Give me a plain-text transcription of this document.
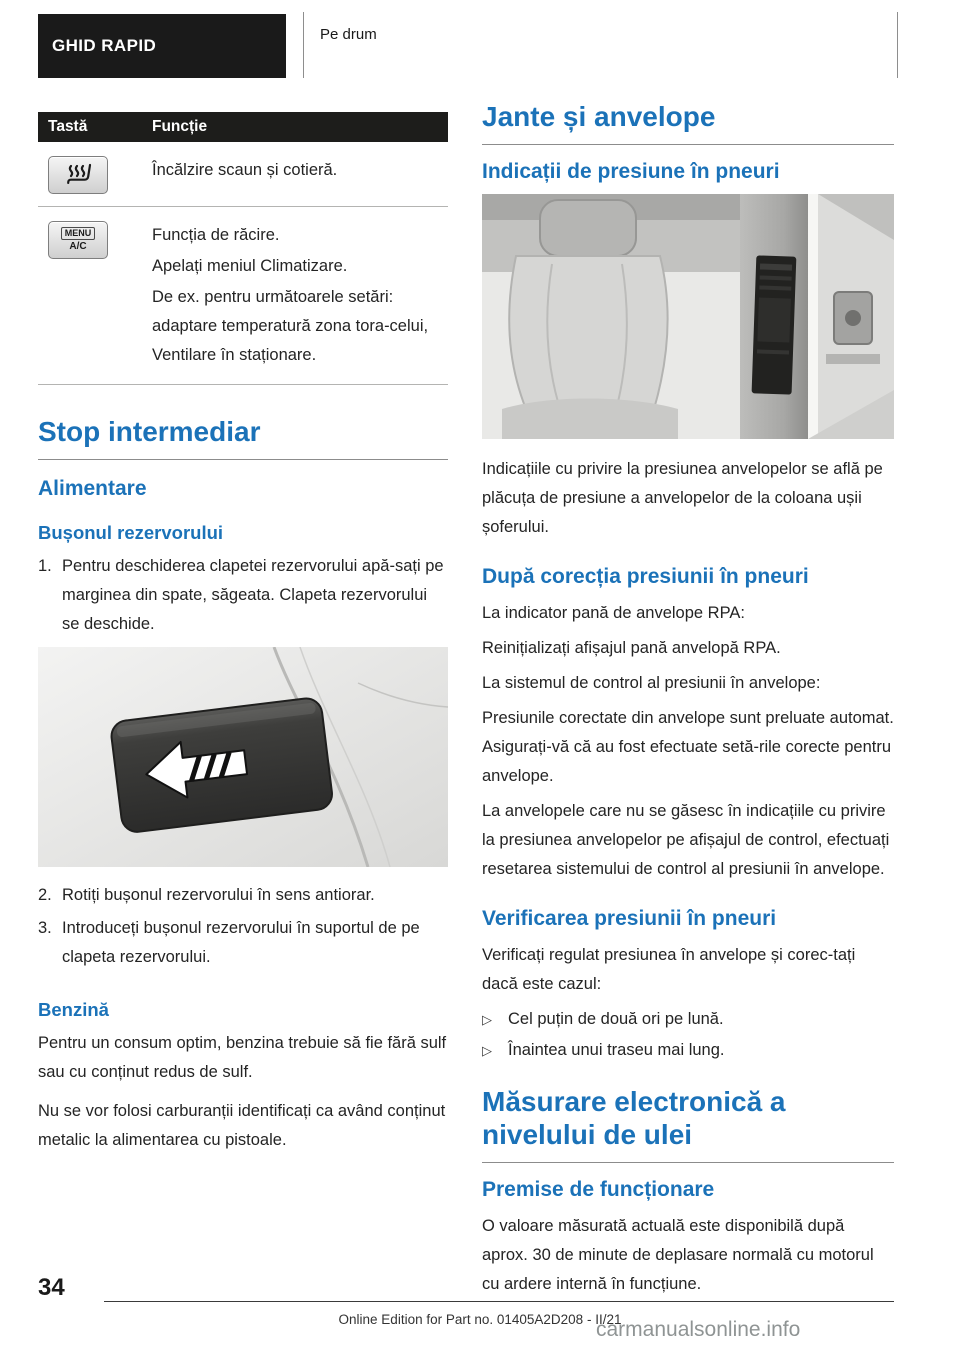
GHID RAPID
Pe drum
Tastă	Funcție

Încălzire scaun și cotieră.

MENU
A/C

Funcția de răcire.

Apelați meniul Climatizare.

De ex. pentru următoarele setări: adaptare temperatură zona tora-celui, Ventilare în staționare.

Stop intermediar
Alimentare
Bușonul rezervorului
1. Pentru deschiderea clapetei rezervorului apă-sați pe marginea din spate, săgeata. Clapeta rezervorului se deschide.
2. Rotiți bușonul rezervorului în sens antiorar.
3. Introduceți bușonul rezervorului în suportul de pe clapeta rezervorului.
Benzină

Pentru un consum optim, benzina trebuie să fie fără sulf sau cu conținut redus de sulf.

Nu se vor folosi carburanții identificați ca având conținut metalic la alimentarea cu pistoale.

Jante și anvelope
Indicații de presiune în pneuri

Indicațiile cu privire la presiunea anvelopelor se află pe plăcuța de presiune a anvelopelor de la coloana ușii șoferului.

După corecția presiunii în pneuri

La indicator pană de anvelope RPA:

Reinițializați afișajul pană anvelopă RPA.

La sistemul de control al presiunii în anvelope:

Presiunile corectate din anvelope sunt preluate automat. Asigurați-vă că au fost efectuate setă-rile corecte pentru anvelope.

La anvelopele care nu se găsesc în indicațiile cu privire la presiunea anvelopelor pe afișajul de control, efectuați resetarea sistemului de control al presiunii în anvelope.

Verificarea presiunii în pneuri

Verificați regulat presiunea în anvelope și corec-tați dacă este cazul:

▷ Cel puțin de două ori pe lună.
▷ Înaintea unui traseu mai lung.
Măsurare electronică a nivelului de ulei
Premise de funcționare

O valoare măsurată actuală este disponibilă după aprox. 30 de minute de deplasare normală cu motorul cu ardere internă în funcțiune.

34
Online Edition for Part no. 01405A2D208 - II/21
carmanualsonline.info
